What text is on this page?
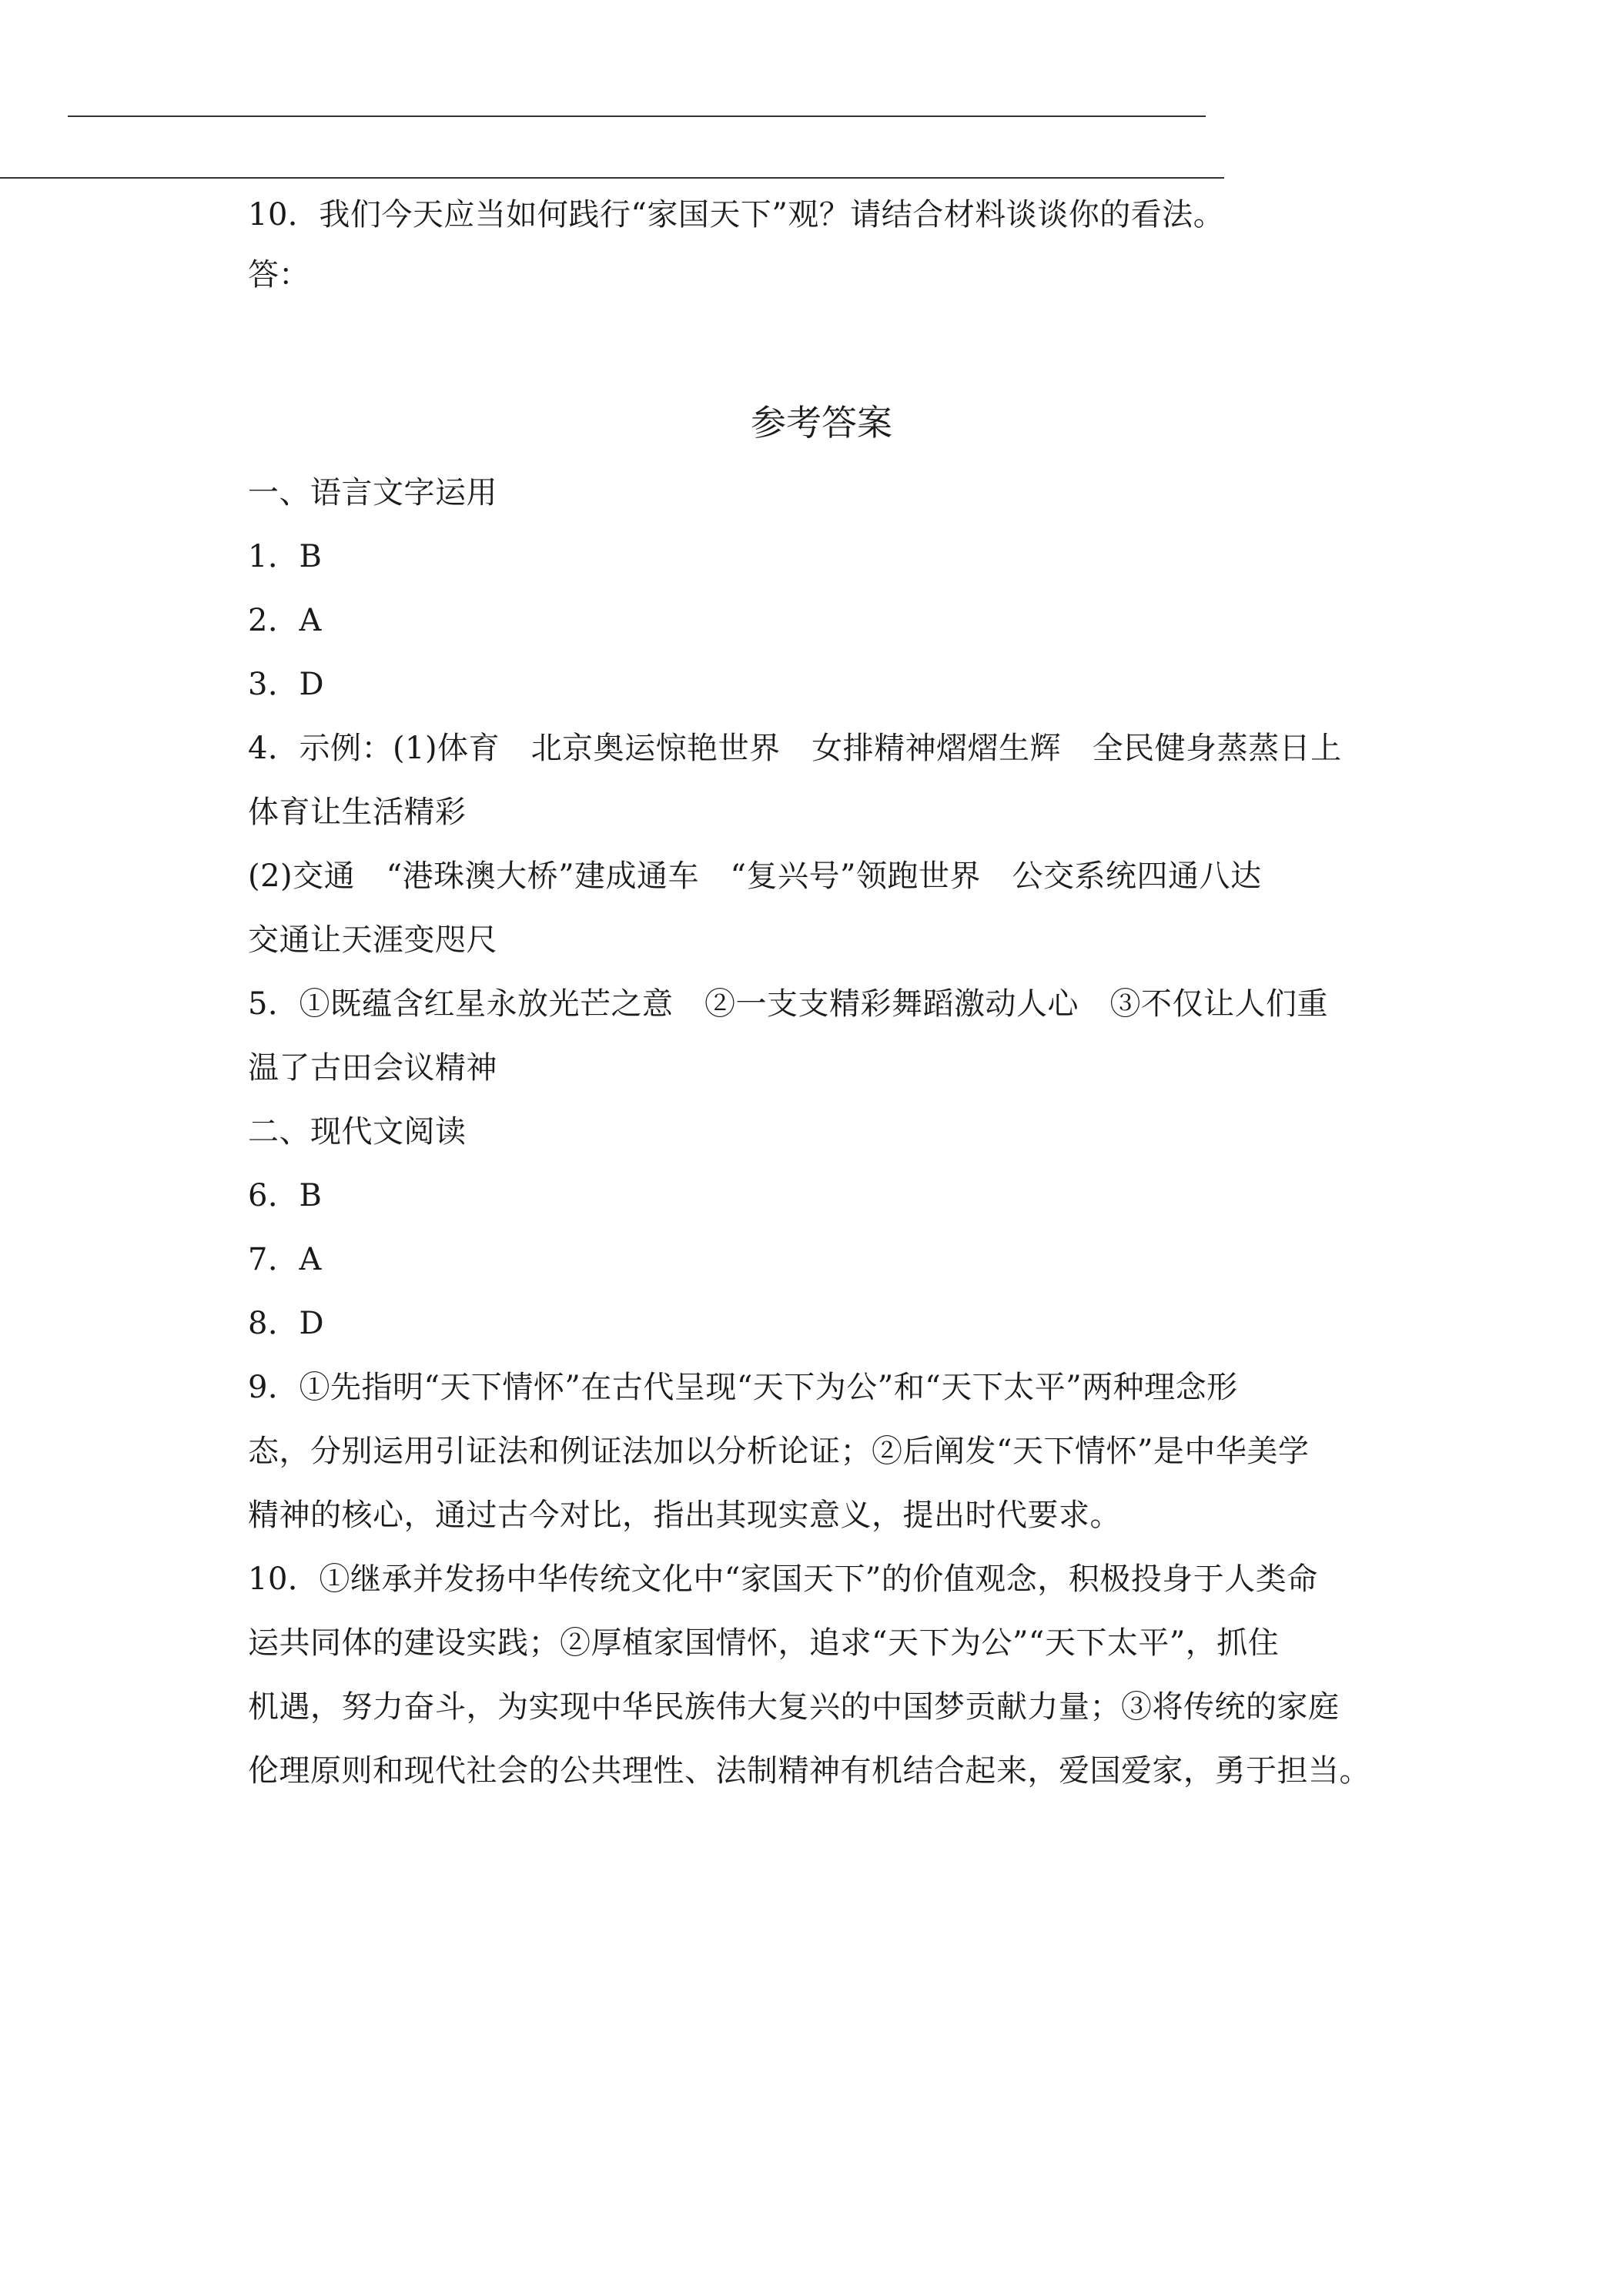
10．我们今天应当如何践行“家国天下”观？请结合材料谈谈你的看法。
答：
参考答案
一、语言文字运用
1．B
2．A
3．D
4．示例：(1)体育　北京奥运惊艳世界　女排精神熠熠生辉　全民健身蒸蒸日上
体育让生活精彩
(2)交通　“港珠澳大桥”建成通车　“复兴号”领跑世界　公交系统四通八达
交通让天涯变咫尺
5．①既蕴含红星永放光芒之意　②一支支精彩舞蹈激动人心　③不仅让人们重
温了古田会议精神
二、现代文阅读
6．B
7．A
8．D
9．①先指明“天下情怀”在古代呈现“天下为公”和“天下太平”两种理念形
态，分别运用引证法和例证法加以分析论证；②后阐发“天下情怀”是中华美学
精神的核心，通过古今对比，指出其现实意义，提出时代要求。
10．①继承并发扬中华传统文化中“家国天下”的价值观念，积极投身于人类命
运共同体的建设实践；②厚植家国情怀，追求“天下为公”“天下太平”，抓住
机遇，努力奋斗，为实现中华民族伟大复兴的中国梦贡献力量；③将传统的家庭
伦理原则和现代社会的公共理性、法制精神有机结合起来，爱国爱家，勇于担当。
